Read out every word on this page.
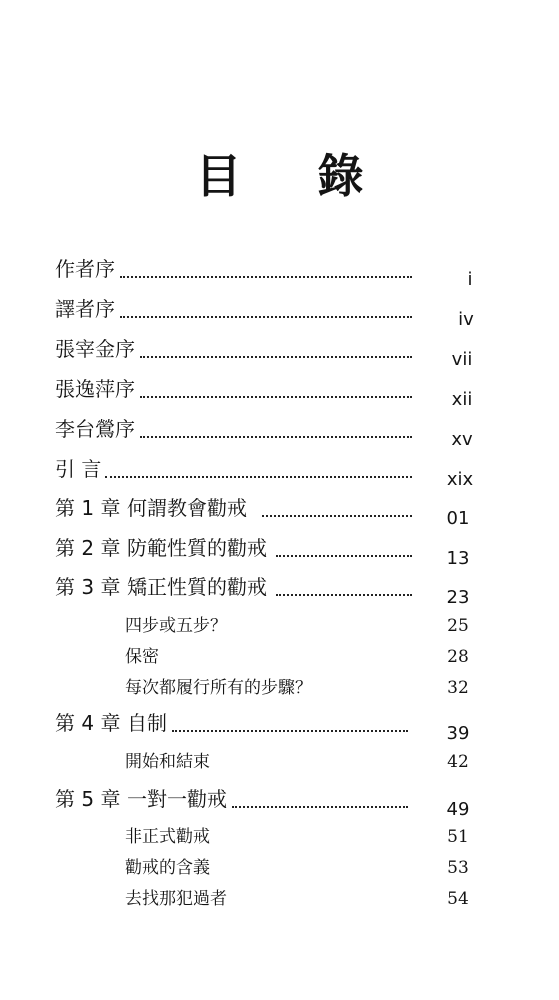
目 錄
作者序	i
譯者序	iv
張宰金序	vii
張逸萍序	xii
李台鶯序	xv
引 言	xix
第 1 章 何謂教會勸戒	01
第 2 章 防範性質的勸戒	13
第 3 章 矯正性質的勸戒	23
四步或五步？	25
保密	28
每次都履行所有的步驟？	32
第 4 章 自制	39
開始和結束	42
第 5 章 一對一勸戒	49
非正式勸戒	51
勸戒的含義	53
去找那犯過者	54
